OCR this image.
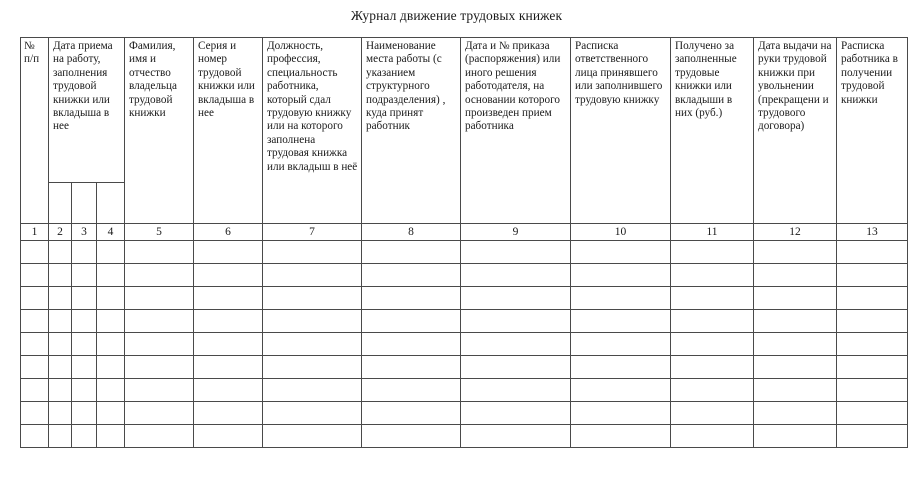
Журнал движение трудовых книжек
№
п/п	Дата приема на работу, заполнения трудовой книжки или вкладыша в нее			Фамилия, имя и отчество владельца трудовой книжки	Серия и номер трудовой книжки или вкладыша в нее	Должность, профессия, специальность работника, который сдал трудовую книжку или на которого заполнена трудовая книжка или вкладыш в неё	Наименование места работы (с указанием структурного подразделения) , куда принят работник	Дата и № приказа (распоряжения) или иного решения работодателя, на основании которого произведен прием работника	Расписка ответственного лица принявшего или заполнившего трудовую книжку	Получено за заполненные трудовые книжки или вкладыши в них (руб.)	Дата выдачи на руки трудовой книжки при увольнении (прекращени и трудового договора)	Расписка работника в получении трудовой книжки

1	2	3	4	5	6	7	8	9	10	11	12	13
